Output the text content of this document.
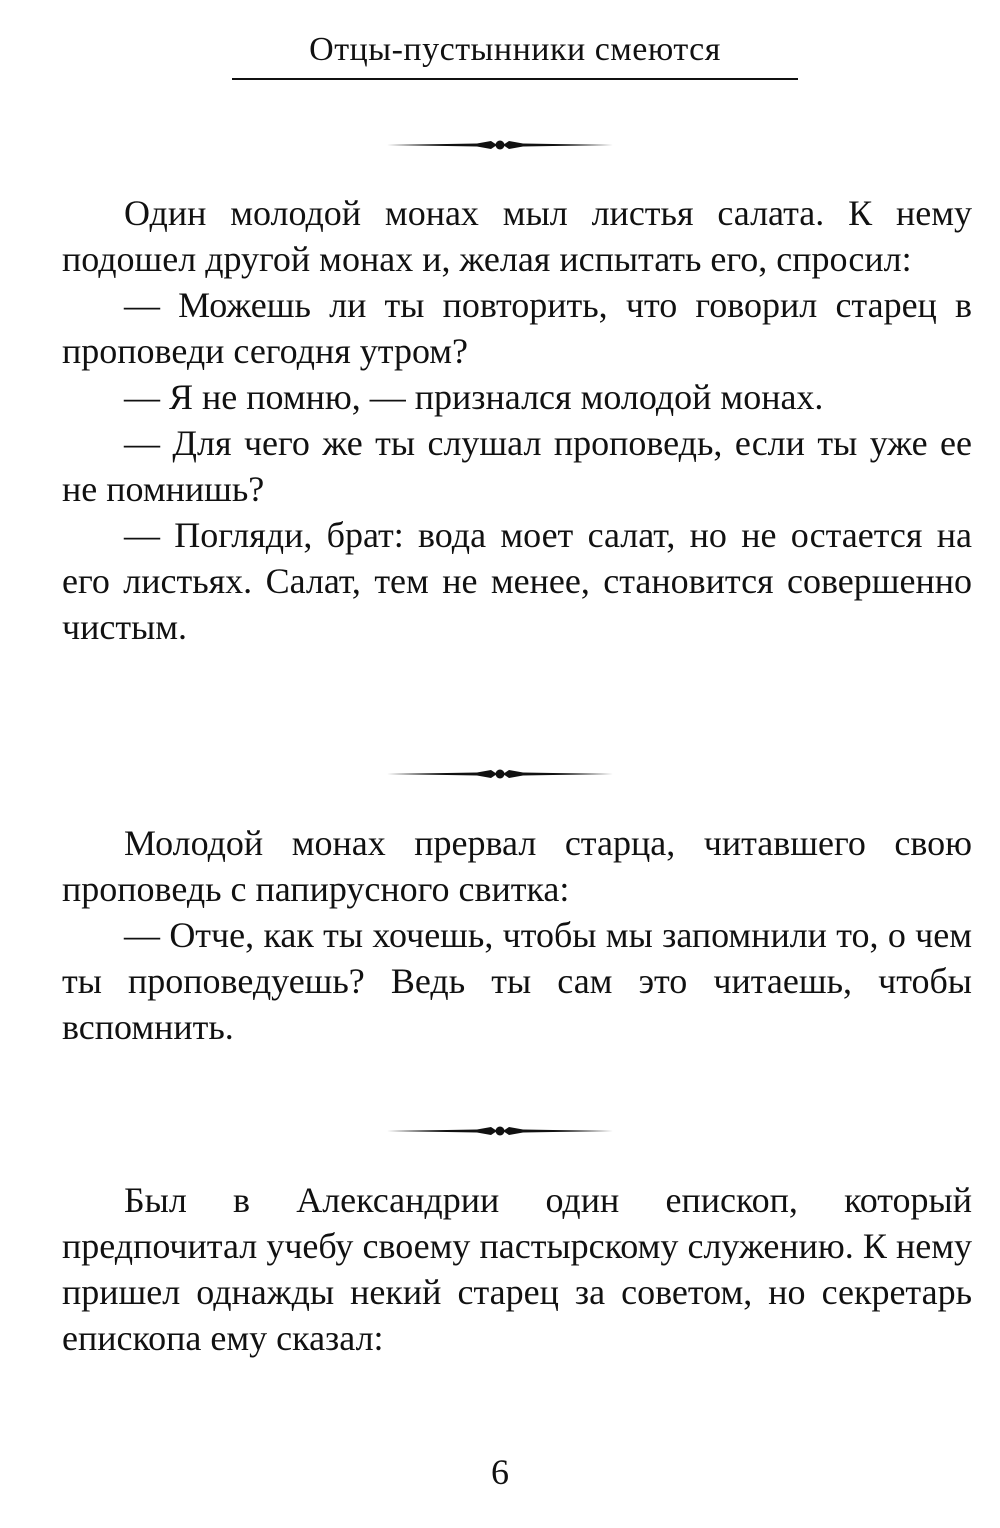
Отцы-пустынники смеются

Один молодой монах мыл листья салата. К нему подошел другой монах и, желая испытать его, спросил:

— Можешь ли ты повторить, что говорил старец в проповеди сегодня утром?

— Я не помню, — признался молодой монах.

— Для чего же ты слушал проповедь, если ты уже ее не помнишь?

— Погляди, брат: вода моет салат, но не остается на его листьях. Салат, тем не менее, становится совершенно чистым.

Молодой монах прервал старца, читавшего свою проповедь с папирусного свитка:

— Отче, как ты хочешь, чтобы мы запомнили то, о чем ты проповедуешь? Ведь ты сам это читаешь, чтобы вспомнить.

Был в Александрии один епископ, который предпочитал учебу своему пастырскому служению. К нему пришел однажды некий старец за советом, но секретарь епископа ему сказал:

6
